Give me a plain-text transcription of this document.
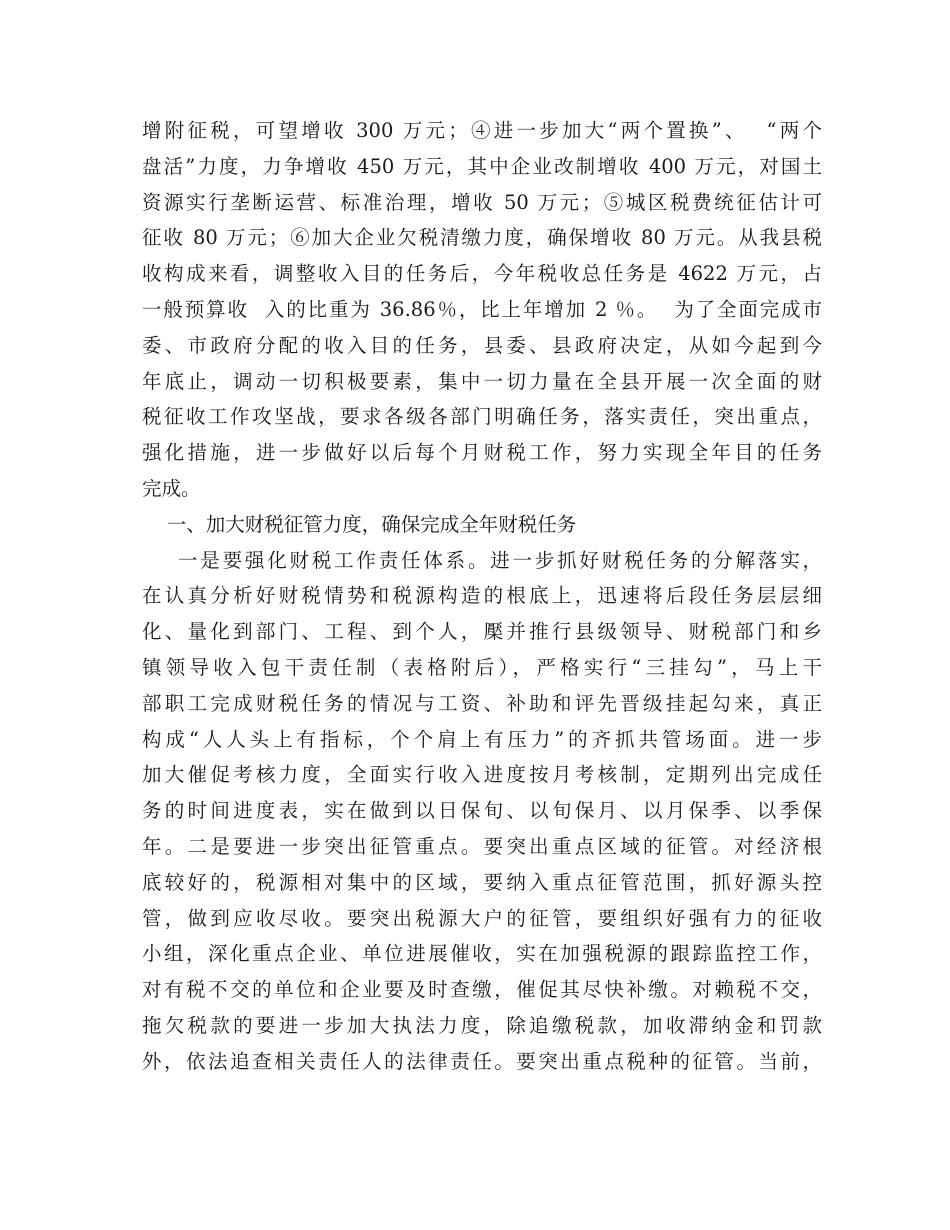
增附征税，可望增收 300 万元；④进一步加大“两个置换”、  “两个
盘活”力度，力争增收 450 万元，其中企业改制增收 400 万元，对国土
资源实行垄断运营、标准治理，增收 50 万元；⑤城区税费统征估计可
征收 80 万元；⑥加大企业欠税清缴力度，确保增收 80 万元。从我县税
收构成来看，调整收入目的任务后，今年税收总任务是 4622 万元，占
一般预算收  入的比重为 36.86％，比上年增加 2 ％。  为了全面完成市
委、市政府分配的收入目的任务，县委、县政府决定，从如今起到今
年底止，调动一切积极要素，集中一切力量在全县开展一次全面的财
税征收工作攻坚战，要求各级各部门明确任务，落实责任，突出重点，
强化措施，进一步做好以后每个月财税工作，努力实现全年目的任务
完成。
一、加大财税征管力度，确保完成全年财税任务
一是要强化财税工作责任体系。进一步抓好财税任务的分解落实，
在认真分析好财税情势和税源构造的根底上，迅速将后段任务层层细
化、量化到部门、工程、到个人，檿并推行县级领导、财税部门和乡
镇领导收入包干责任制（表格附后），严格实行“三挂勾”，马上干
部职工完成财税任务的情况与工资、补助和评先晋级挂起勾来，真正
构成“人人头上有指标，个个肩上有压力”的齐抓共管场面。进一步
加大催促考核力度，全面实行收入进度按月考核制，定期列出完成任
务的时间进度表，实在做到以日保旬、以旬保月、以月保季、以季保
年。二是要进一步突出征管重点。要突出重点区域的征管。对经济根
底较好的，税源相对集中的区域，要纳入重点征管范围，抓好源头控
管，做到应收尽收。要突出税源大户的征管，要组织好强有力的征收
小组，深化重点企业、单位进展催收，实在加强税源的跟踪监控工作，
对有税不交的单位和企业要及时查缴，催促其尽快补缴。对赖税不交，
拖欠税款的要进一步加大执法力度，除追缴税款，加收滞纳金和罚款
外，依法追查相关责任人的法律责任。要突出重点税种的征管。当前，
